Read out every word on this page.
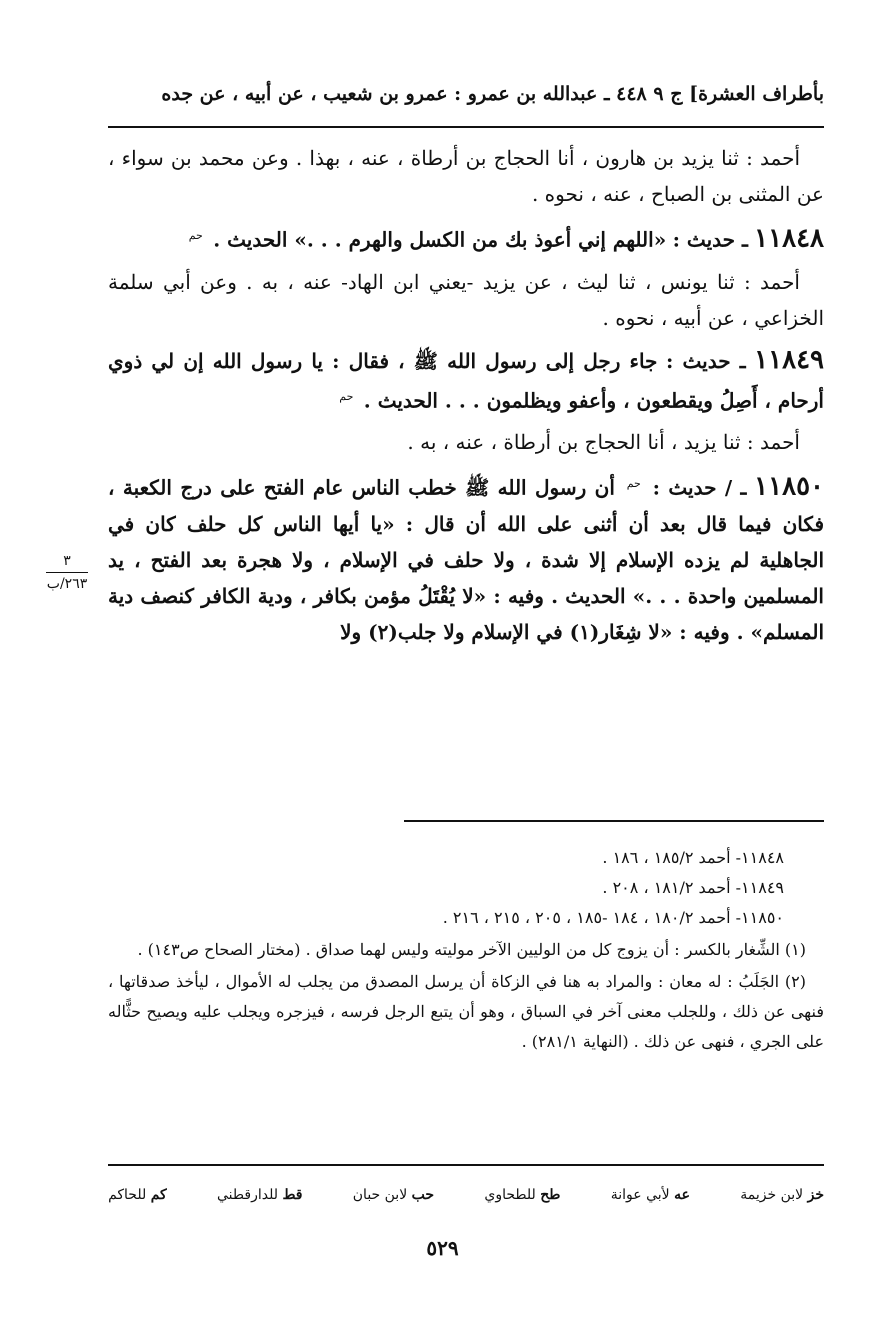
بأطراف العشرة] ج ٩ ٤٤٨ ـ عبدالله بن عمرو : عمرو بن شعيب ، عن أبيه ، عن جده

أحمد : ثنا يزيد بن هارون ، أنا الحجاج بن أرطاة ، عنه ، بهذا . وعن محمد بن سواء ، عن المثنى بن الصباح ، عنه ، نحوه .

١١٨٤٨ ـ حديث : «اللهم إني أعوذ بك من الكسل والهرم . . .» الحديث . حم

أحمد : ثنا يونس ، ثنا ليث ، عن يزيد -يعني ابن الهاد- عنه ، به . وعن أبي سلمة الخزاعي ، عن أبيه ، نحوه .

١١٨٤٩ ـ حديث : جاء رجل إلى رسول الله ﷺ ، فقال : يا رسول الله إن لي ذوي أرحام ، أَصِلُ ويقطعون ، وأعفو ويظلمون . . . الحديث . حم

أحمد : ثنا يزيد ، أنا الحجاج بن أرطاة ، عنه ، به .

١١٨٥٠ ـ / حديث : حم أن رسول الله ﷺ خطب الناس عام الفتح على درج الكعبة ، فكان فيما قال بعد أن أثنى على الله أن قال : «يا أيها الناس كل حلف كان في الجاهلية لم يزده الإسلام إلا شدة ، ولا حلف في الإسلام ، ولا هجرة بعد الفتح ، يد المسلمين واحدة . . .» الحديث . وفيه : «لا يُقْتَلُ مؤمن بكافر ، ودية الكافر كنصف دية المسلم» . وفيه : «لا شِغَار(١) في الإسلام ولا جلب(٢) ولا

١١٨٤٨- أحمد ١٨٥/٢ ، ١٨٦ .

١١٨٤٩- أحمد ١٨١/٢ ، ٢٠٨ .

١١٨٥٠- أحمد ١٨٠/٢ ، ١٨٤ -١٨٥ ، ٢٠٥ ، ٢١٥ ، ٢١٦ .

(١) الشِّغار بالكسر : أن يزوج كل من الوليين الآخر موليته وليس لهما صداق . (مختار الصحاح ص١٤٣) .

(٢) الجَلَبُ : له معان : والمراد به هنا في الزكاة أن يرسل المصدق من يجلب له الأموال ، ليأخذ صدقاتها ، فنهى عن ذلك ، وللجلب معنى آخر في السباق ، وهو أن يتبع الرجل فرسه ، فيزجره ويجلب عليه ويصيح حثًّاله على الجري ، فنهى عن ذلك . (النهاية ٢٨١/١) .

خز لابن خزيمة
عه لأبي عوانة
طح للطحاوي
حب لابن حبان
قط للدارقطني
كم للحاكم
٣
٢٦٣/ب
٥٢٩
